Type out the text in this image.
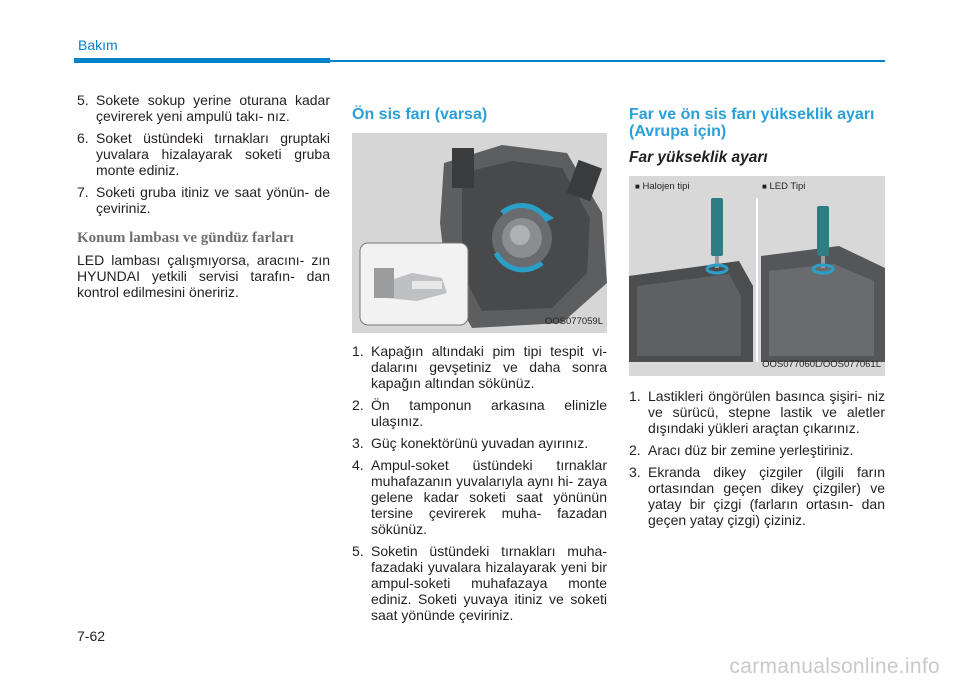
Bakım
5. Sokete sokup yerine oturana kadar çevirerek yeni ampulü takı- nız.
6. Soket üstündeki tırnakları gruptaki yuvalara hizalayarak soketi gruba monte ediniz.
7. Soketi gruba itiniz ve saat yönün- de çeviriniz.
Konum lambası ve gündüz farları
LED lambası çalışmıyorsa, aracını- zın HYUNDAI yetkili servisi tarafın- dan kontrol edilmesini öneririz.
Ön sis farı (varsa)
OOS077059L
1. Kapağın altındaki pim tipi tespit vi- dalarını gevşetiniz ve daha sonra kapağın altından sökünüz.
2. Ön tamponun arkasına elinizle ulaşınız.
3. Güç konektörünü yuvadan ayırınız.
4. Ampul-soket üstündeki tırnaklar muhafazanın yuvalarıyla aynı hi- zaya gelene kadar soketi saat yönünün tersine çevirerek muha- fazadan sökünüz.
5. Soketin üstündeki tırnakları muha- fazadaki yuvalara hizalayarak yeni bir ampul-soketi muhafazaya monte ediniz. Soketi yuvaya itiniz ve soketi saat yönünde çeviriniz.
Far ve ön sis farı yükseklik ayarı (Avrupa için)
Far yükseklik ayarı
■ Halojen tipi	■ LED Tipi
OOS077060L/OOS077061L
1. Lastikleri öngörülen basınca şişiri- niz ve sürücü, stepne lastik ve aletler dışındaki yükleri araçtan çıkarınız.
2. Aracı düz bir zemine yerleştiriniz.
3. Ekranda dikey çizgiler (ilgili farın ortasından geçen dikey çizgiler) ve yatay bir çizgi (farların ortasın- dan geçen yatay çizgi) çiziniz.
7-62
carmanualsonline.info
